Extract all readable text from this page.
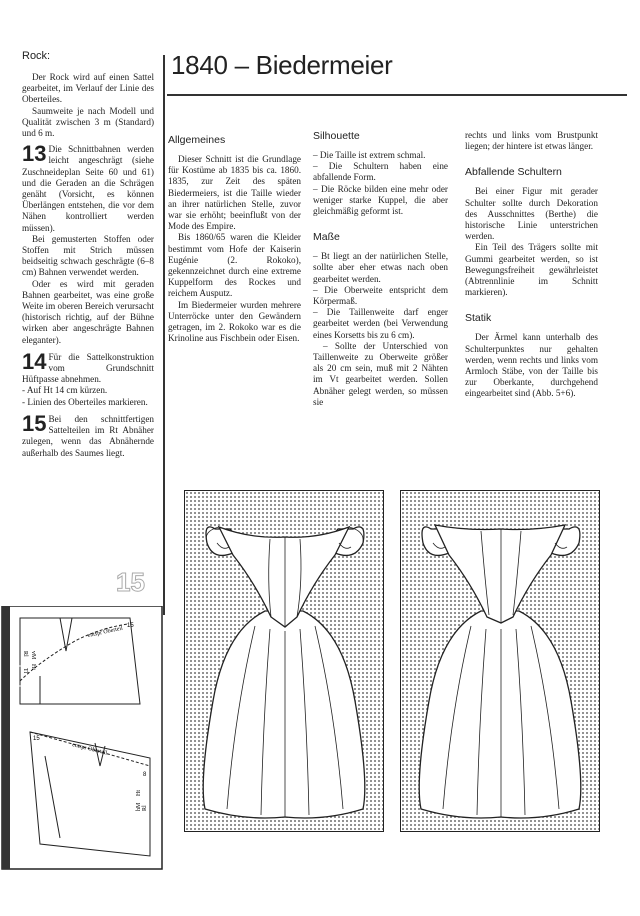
Rock:

Der Rock wird auf einen Sattel gearbeitet, im Verlauf der Linie des Oberteiles.

Saumweite je nach Modell und Qualität zwischen 3 m (Standard) und 6 m.

13 Die Schnittbahnen werden leicht angeschrägt (siehe Zuschneideplan Seite 60 und 61) und die Geraden an die Schrägen genäht (Vorsicht, es können Überlängen entstehen, die vor dem Nähen kontrolliert werden müssen).

Bei gemusterten Stoffen oder Stoffen mit Strich müssen beidseitig schwach geschrägte (6–8 cm) Bahnen verwendet werden.

Oder es wird mit geraden Bahnen gearbeitet, was eine große Weite im oberen Bereich verursacht (historisch richtig, auf der Bühne wirken aber angeschrägte Bahnen eleganter).

14 Für die Sattelkonstruktion vom Grundschnitt Hüftpasse abnehmen.

- Auf Ht 14 cm kürzen.

- Linien des Oberteiles markieren.

15 Bei den schnittfertigen Sattelteilen im Rt Abnäher zulegen, wenn das Abnähernde außerhalb des Saumes liegt.

15
entspr Oberteil 15
vM
Ht
Rl
Tl
entspr Oberteil
15
8
hM
Ht
Rl
1840 – Biedermeier
Allgemeines

Dieser Schnitt ist die Grundlage für Kostüme ab 1835 bis ca. 1860. 1835, zur Zeit des späten Biedermeiers, ist die Taille wieder an ihrer natürlichen Stelle, zuvor war sie erhöht; beeinflußt von der Mode des Empire.

Bis 1860/65 waren die Kleider bestimmt vom Hofe der Kaiserin Eugénie (2. Rokoko), gekennzeichnet durch eine extreme Kuppelform des Rockes und reichem Ausputz.

Im Biedermeier wurden mehrere Unterröcke unter den Gewändern getragen, im 2. Rokoko war es die Krinoline aus Fischbein oder Eisen.

Silhouette

– Die Taille ist extrem schmal.

– Die Schultern haben eine abfallende Form.

– Die Röcke bilden eine mehr oder weniger starke Kuppel, die aber gleichmäßig geformt ist.

Maße

– Bt liegt an der natürlichen Stelle, sollte aber eher etwas nach oben gearbeitet werden.

– Die Oberweite entspricht dem Körpermaß.

– Die Taillenweite darf enger gearbeitet werden (bei Verwendung eines Korsetts bis zu 6 cm).

– Sollte der Unterschied von Taillenweite zu Oberweite größer als 20 cm sein, muß mit 2 Nähten im Vt gearbeitet werden. Sollen Abnäher gelegt werden, so müssen sie

rechts und links vom Brustpunkt liegen; der hintere ist etwas länger.

Abfallende Schultern

Bei einer Figur mit gerader Schulter sollte durch Dekoration des Ausschnittes (Berthe) die historische Linie unterstrichen werden.

Ein Teil des Trägers sollte mit Gummi gearbeitet werden, so ist Bewegungsfreiheit gewährleistet (Abtrennlinie im Schnitt markieren).

Statik

Der Ärmel kann unterhalb des Schulterpunktes nur gehalten werden, wenn rechts und links vom Armloch Stäbe, von der Taille bis zur Oberkante, durchgehend eingearbeitet sind (Abb. 5+6).
